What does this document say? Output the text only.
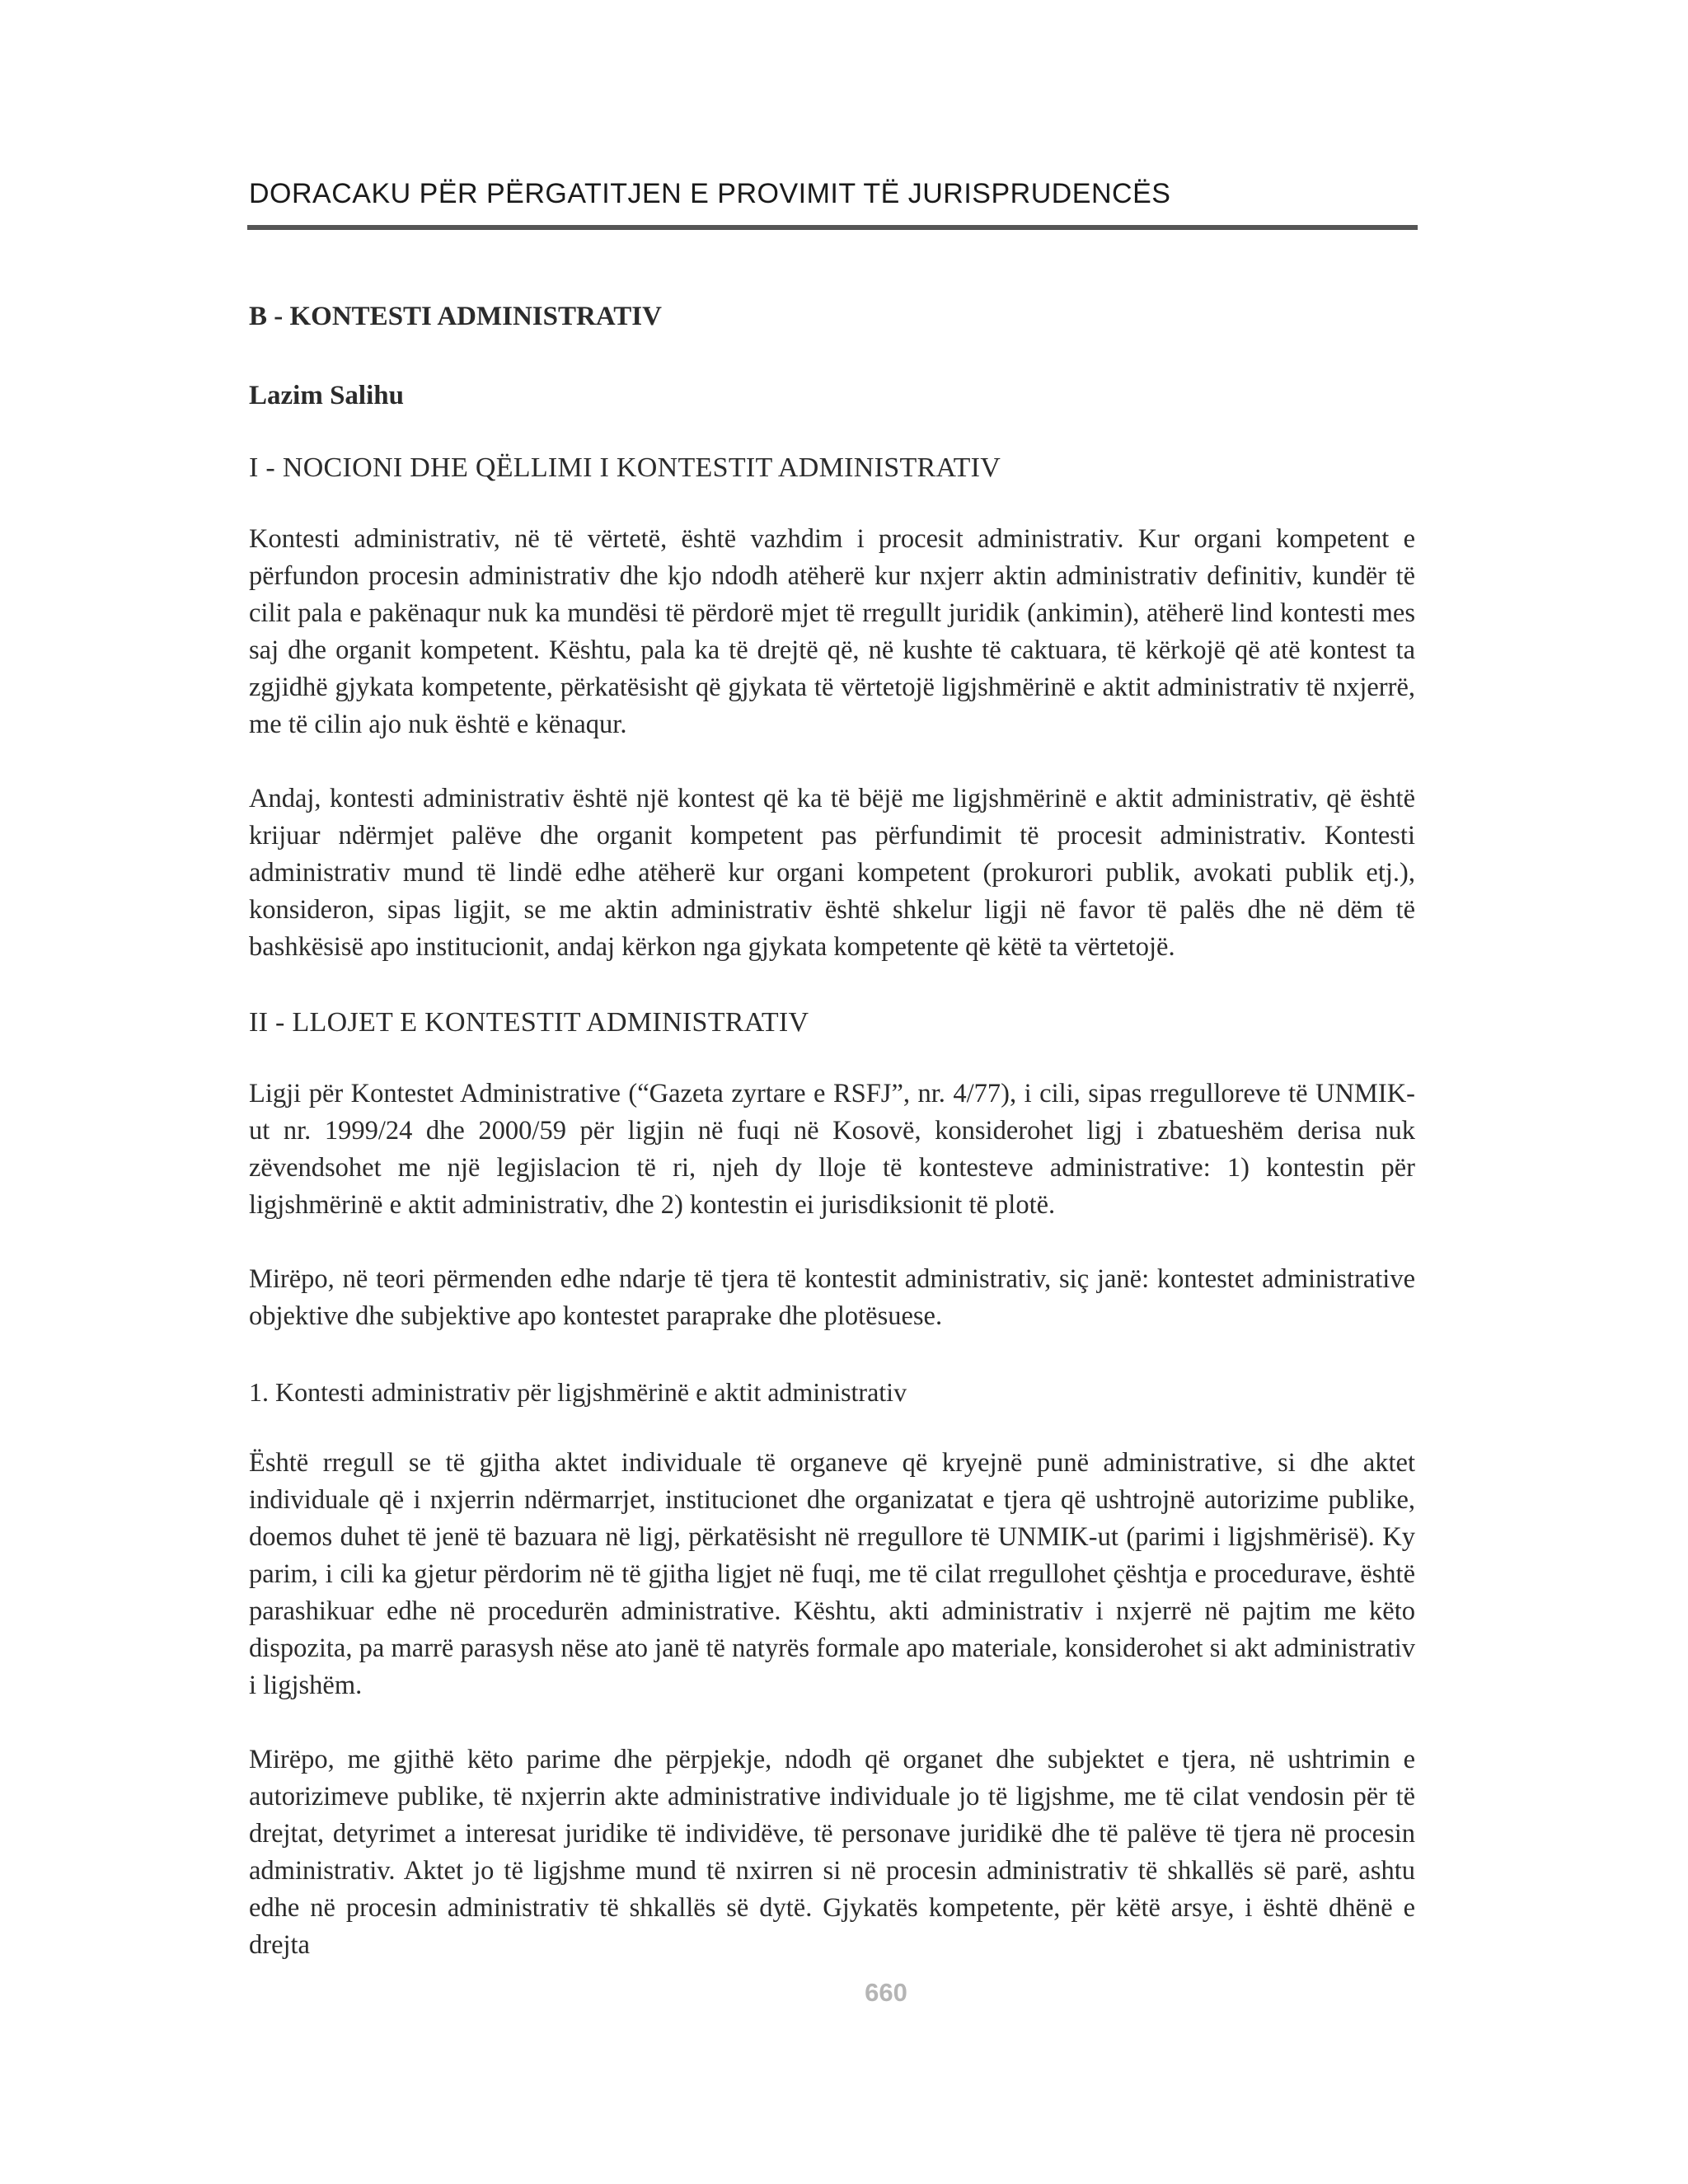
DORACAKU PËR PËRGATITJEN E PROVIMIT TË JURISPRUDENCËS
B - KONTESTI ADMINISTRATIV
Lazim Salihu
I - NOCIONI DHE QËLLIMI I KONTESTIT ADMINISTRATIV

Kontesti administrativ, në të vërtetë, është vazhdim i procesit administrativ. Kur organi kompetent e përfundon procesin administrativ dhe kjo ndodh atëherë kur nxjerr aktin administrativ definitiv, kundër të cilit pala e pakënaqur nuk ka mundësi të përdorë mjet të rregullt juridik (ankimin), atëherë lind kontesti mes saj dhe organit kompetent. Kështu, pala ka të drejtë që, në kushte të caktuara, të kërkojë që atë kontest ta zgjidhë gjykata kompetente, përkatësisht që gjykata të vërtetojë ligjshmërinë e aktit administrativ të nxjerrë, me të cilin ajo nuk është e kënaqur.

Andaj, kontesti administrativ është një kontest që ka të bëjë me ligjshmërinë e aktit administrativ, që është krijuar ndërmjet palëve dhe organit kompetent pas përfundimit të procesit administrativ. Kontesti administrativ mund të lindë edhe atëherë kur organi kompetent (prokurori publik, avokati publik etj.), konsideron, sipas ligjit, se me aktin administrativ është shkelur ligji në favor të palës dhe në dëm të bashkësisë apo institucionit, andaj kërkon nga gjykata kompetente që këtë ta vërtetojë.

II - LLOJET E KONTESTIT ADMINISTRATIV

Ligji për Kontestet Administrative (“Gazeta zyrtare e RSFJ”, nr. 4/77), i cili, sipas rregulloreve të UNMIK-ut nr. 1999/24 dhe 2000/59 për ligjin në fuqi në Kosovë, konsiderohet ligj i zbatueshëm derisa nuk zëvendsohet me një legjislacion të ri, njeh dy lloje të kontesteve administrative: 1) kontestin për ligjshmërinë e aktit administrativ, dhe 2) kontestin ei jurisdiksionit të plotë.

Mirëpo, në teori përmenden edhe ndarje të tjera të kontestit administrativ, siç janë: kontestet administrative objektive dhe subjektive apo kontestet paraprake dhe plotësuese.

1. Kontesti administrativ për ligjshmërinë e aktit administrativ

Është rregull se të gjitha aktet individuale të organeve që kryejnë punë administrative, si dhe aktet individuale që i nxjerrin ndërmarrjet, institucionet dhe organizatat e tjera që ushtrojnë autorizime publike, doemos duhet të jenë të bazuara në ligj, përkatësisht në rregullore të UNMIK-ut (parimi i ligjshmërisë). Ky parim, i cili ka gjetur përdorim në të gjitha ligjet në fuqi, me të cilat rregullohet çështja e procedurave, është parashikuar edhe në procedurën administrative. Kështu, akti administrativ i nxjerrë në pajtim me këto dispozita, pa marrë parasysh nëse ato janë të natyrës formale apo materiale, konsiderohet si akt administrativ i ligjshëm.

Mirëpo, me gjithë këto parime dhe përpjekje, ndodh që organet dhe subjektet e tjera, në ushtrimin e autorizimeve publike, të nxjerrin akte administrative individuale jo të ligjshme, me të cilat vendosin për të drejtat, detyrimet a interesat juridike të individëve, të personave juridikë dhe të palëve të tjera në procesin administrativ. Aktet jo të ligjshme mund të nxirren si në procesin administrativ të shkallës së parë, ashtu edhe në procesin administrativ të shkallës së dytë. Gjykatës kompetente, për këtë arsye, i është dhënë e drejta

660
